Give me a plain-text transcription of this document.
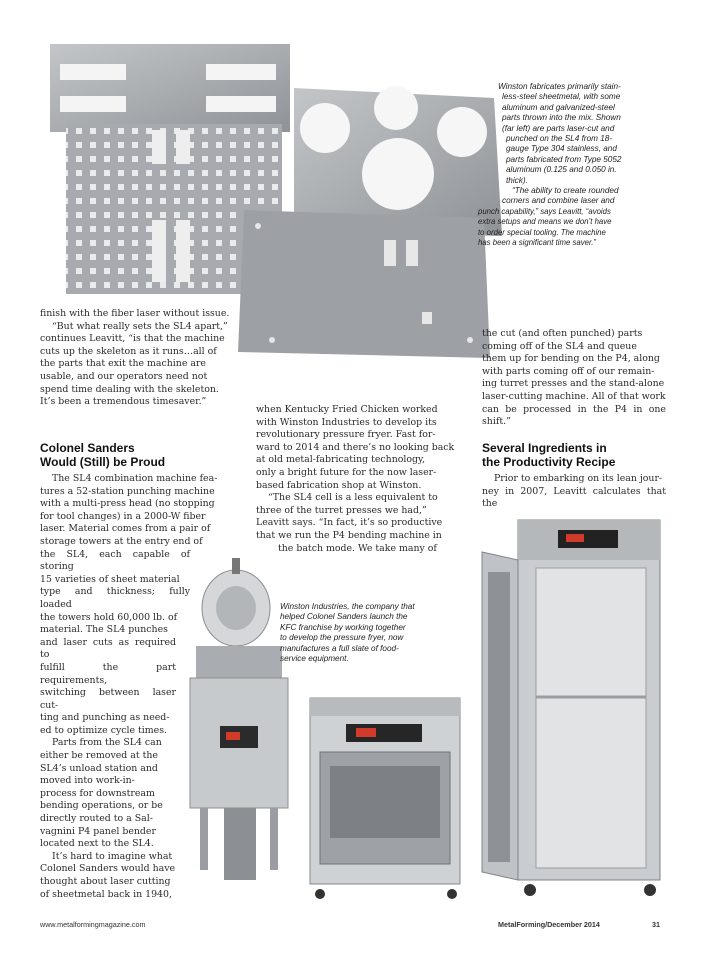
Winston fabricates primarily stain-

less-steel sheetmetal, with some

aluminum and galvanized-steel

parts thrown into the mix. Shown

(far left) are parts laser-cut and

punched on the SL4 from 18-

gauge Type 304 stainless, and

parts fabricated from Type 5052

aluminum (0.125 and 0.050 in.

thick).

“The ability to create rounded

corners and combine laser and

punch capability,” says Leavitt, “avoids

extra setups and means we don’t have

to order special tooling. The machine

has been a significant time saver.”

finish with the fiber laser without issue.

“But what really sets the SL4 apart,”

continues Leavitt, “is that the machine

cuts up the skeleton as it runs…all of

the parts that exit the machine are

usable, and our operators need not

spend time dealing with the skeleton.

It’s been a tremendous timesaver.”

Colonel Sanders

Would (Still) be Proud

The SL4 combination machine fea-

tures a 52-station punching machine

with a multi-press head (no stopping

for tool changes) in a 2000-W fiber

laser. Material comes from a pair of

storage towers at the entry end of

the SL4, each capable of storing

15 varieties of sheet material

type and thickness; fully loaded

the towers hold 60,000 lb. of

material. The SL4 punches

and laser cuts as required to

fulfill the part requirements,

switching between laser cut-

ting and punching as need-

ed to optimize cycle times.

Parts from the SL4 can

either be removed at the

SL4’s unload station and

moved into work-in-

process for downstream

bending operations, or be

directly routed to a Sal-

vagnini P4 panel bender

located next to the SL4.

It’s hard to imagine what

Colonel Sanders would have

thought about laser cutting

of sheetmetal back in 1940,

when Kentucky Fried Chicken worked

with Winston Industries to develop its

revolutionary pressure fryer. Fast for-

ward to 2014 and there’s no looking back

at old metal-fabricating technology,

only a bright future for the now laser-

based fabrication shop at Winston.

“The SL4 cell is a less equivalent to

three of the turret presses we had,”

Leavitt says. “In fact, it’s so productive

that we run the P4 bending machine in

the batch mode. We take many of

Winston Industries, the company that

helped Colonel Sanders launch the

KFC franchise by working together

to develop the pressure fryer, now

manufactures a full slate of food-

service equipment.

the cut (and often punched) parts

coming off of the SL4 and queue

them up for bending on the P4, along

with parts coming off of our remain-

ing turret presses and the stand-alone

laser-cutting machine. All of that work

can be processed in the P4 in one shift.”

Several Ingredients in

the Productivity Recipe

Prior to embarking on its lean jour-

ney in 2007, Leavitt calculates that the

www.metalformingmagazine.com	MetalForming/December 2014	31
